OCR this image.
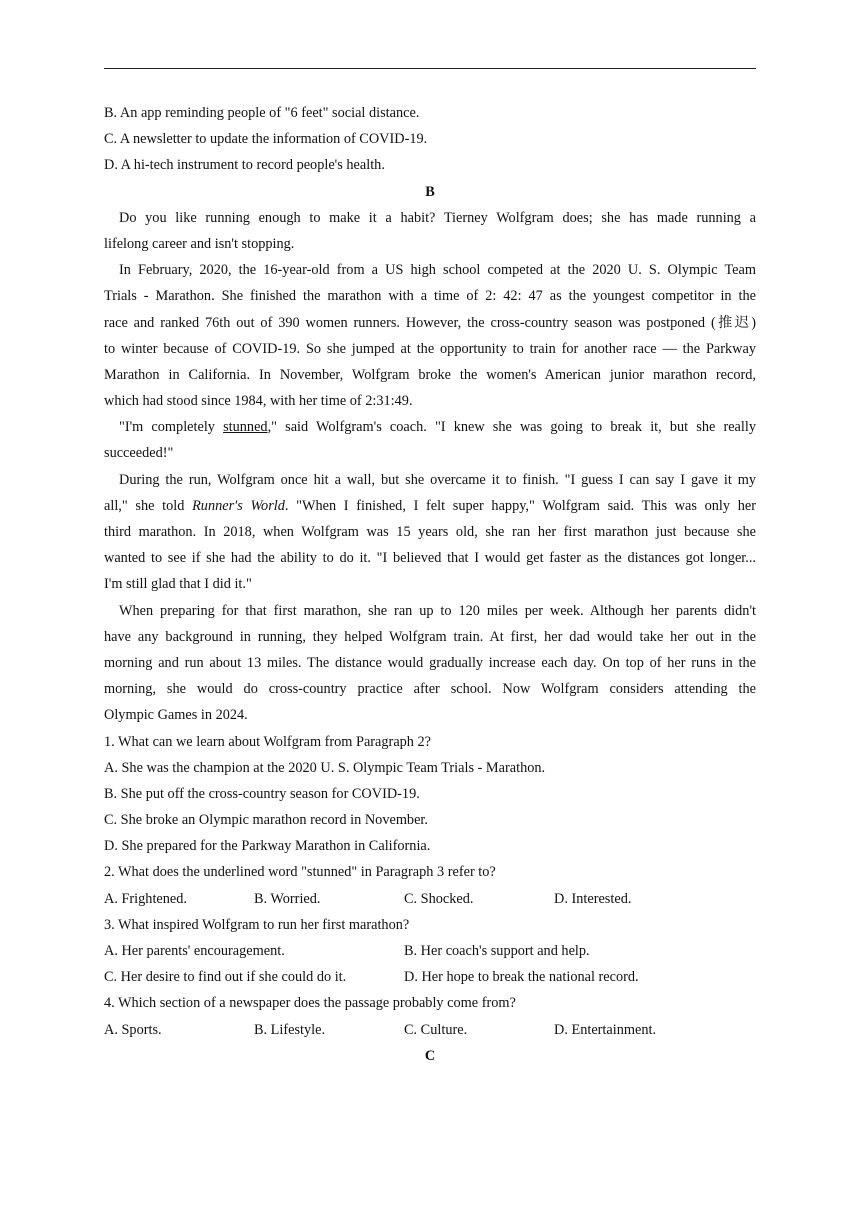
B. An app reminding people of "6 feet" social distance.
C. A newsletter to update the information of COVID-19.
D. A hi-tech instrument to record people's health.
B
Do you like running enough to make it a habit? Tierney Wolfgram does; she has made running a
lifelong career and isn't stopping.
In February, 2020, the 16-year-old from a US high school competed at the 2020 U. S. Olympic Team
Trials - Marathon. She finished the marathon with a time of 2: 42: 47 as the youngest competitor in the
race and ranked 76th out of 390 women runners. However, the cross-country season was postponed (推迟)
to winter because of COVID-19. So she jumped at the opportunity to train for another race — the Parkway
Marathon in California. In November, Wolfgram broke the women's American junior marathon record,
which had stood since 1984, with her time of 2:31:49.
"I'm completely stunned," said Wolfgram's coach. "I knew she was going to break it, but she really
succeeded!"
During the run, Wolfgram once hit a wall, but she overcame it to finish. "I guess I can say I gave it my
all," she told Runner's World. "When I finished, I felt super happy," Wolfgram said. This was only her
third marathon. In 2018, when Wolfgram was 15 years old, she ran her first marathon just because she
wanted to see if she had the ability to do it. "I believed that I would get faster as the distances got longer...
I'm still glad that I did it."
When preparing for that first marathon, she ran up to 120 miles per week. Although her parents didn't
have any background in running, they helped Wolfgram train. At first, her dad would take her out in the
morning and run about 13 miles. The distance would gradually increase each day. On top of her runs in the
morning, she would do cross-country practice after school. Now Wolfgram considers attending the
Olympic Games in 2024.
1. What can we learn about Wolfgram from Paragraph 2?
A. She was the champion at the 2020 U. S. Olympic Team Trials - Marathon.
B. She put off the cross-country season for COVID-19.
C. She broke an Olympic marathon record in November.
D. She prepared for the Parkway Marathon in California.
2. What does the underlined word "stunned" in Paragraph 3 refer to?
A. Frightened.	B. Worried.	C. Shocked.	D. Interested.
3. What inspired Wolfgram to run her first marathon?
A. Her parents' encouragement.	B. Her coach's support and help.
C. Her desire to find out if she could do it.	D. Her hope to break the national record.
4. Which section of a newspaper does the passage probably come from?
A. Sports.	B. Lifestyle.	C. Culture.	D. Entertainment.
C
